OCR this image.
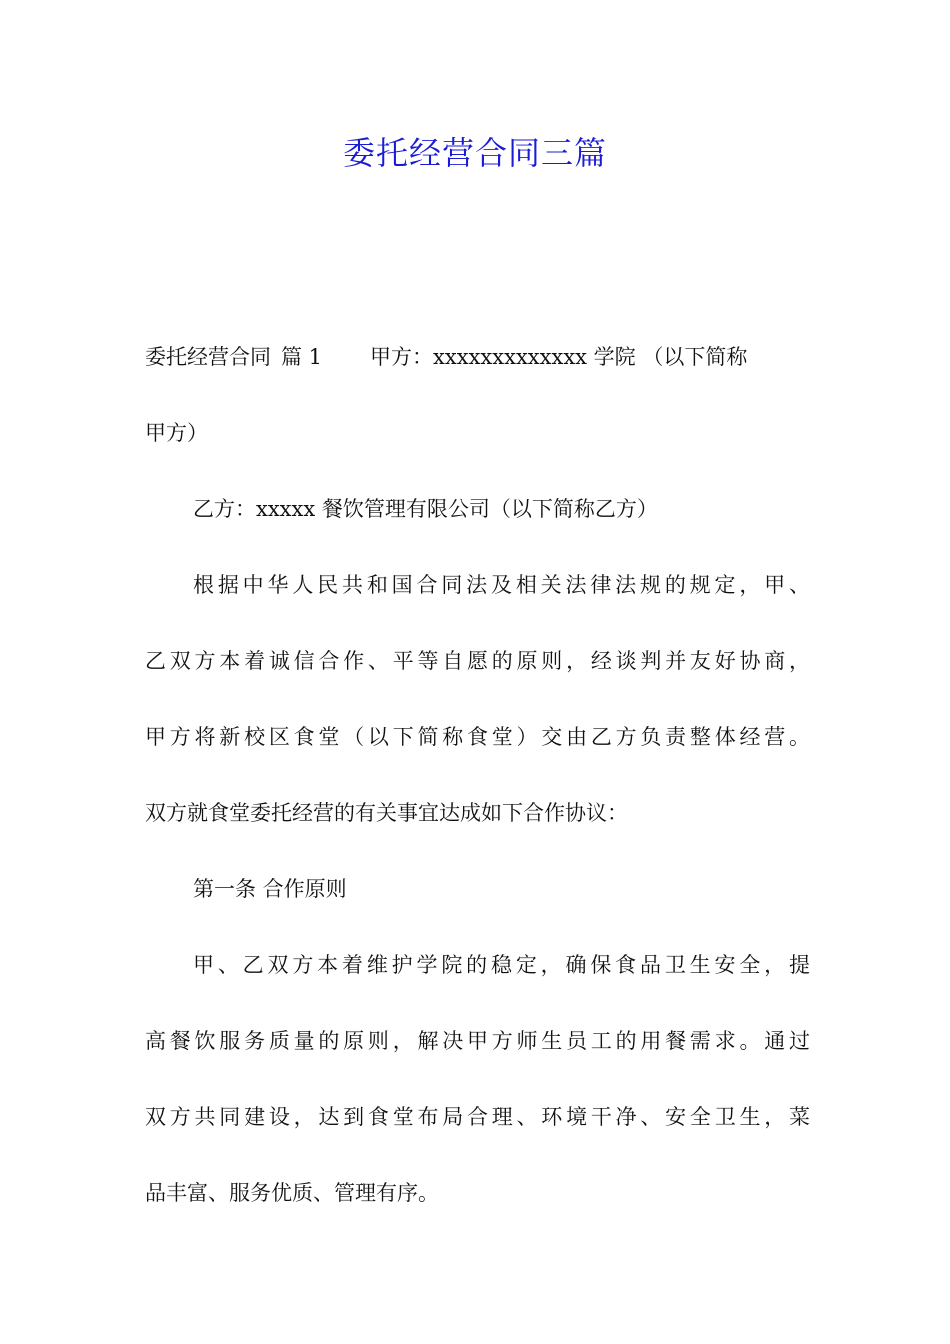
委托经营合同三篇
委托经营合同 篇 1 甲方：xxxxxxxxxxxxx 学院 （以下简称
甲方）
乙方：xxxxx 餐饮管理有限公司（以下简称乙方）
根据中华人民共和国合同法及相关法律法规的规定，甲、
乙双方本着诚信合作、平等自愿的原则，经谈判并友好协商，
甲方将新校区食堂（以下简称食堂）交由乙方负责整体经营。
双方就食堂委托经营的有关事宜达成如下合作协议：
第一条 合作原则
甲、乙双方本着维护学院的稳定，确保食品卫生安全，提
高餐饮服务质量的原则，解决甲方师生员工的用餐需求。通过
双方共同建设，达到食堂布局合理、环境干净、安全卫生，菜
品丰富、服务优质、管理有序。
